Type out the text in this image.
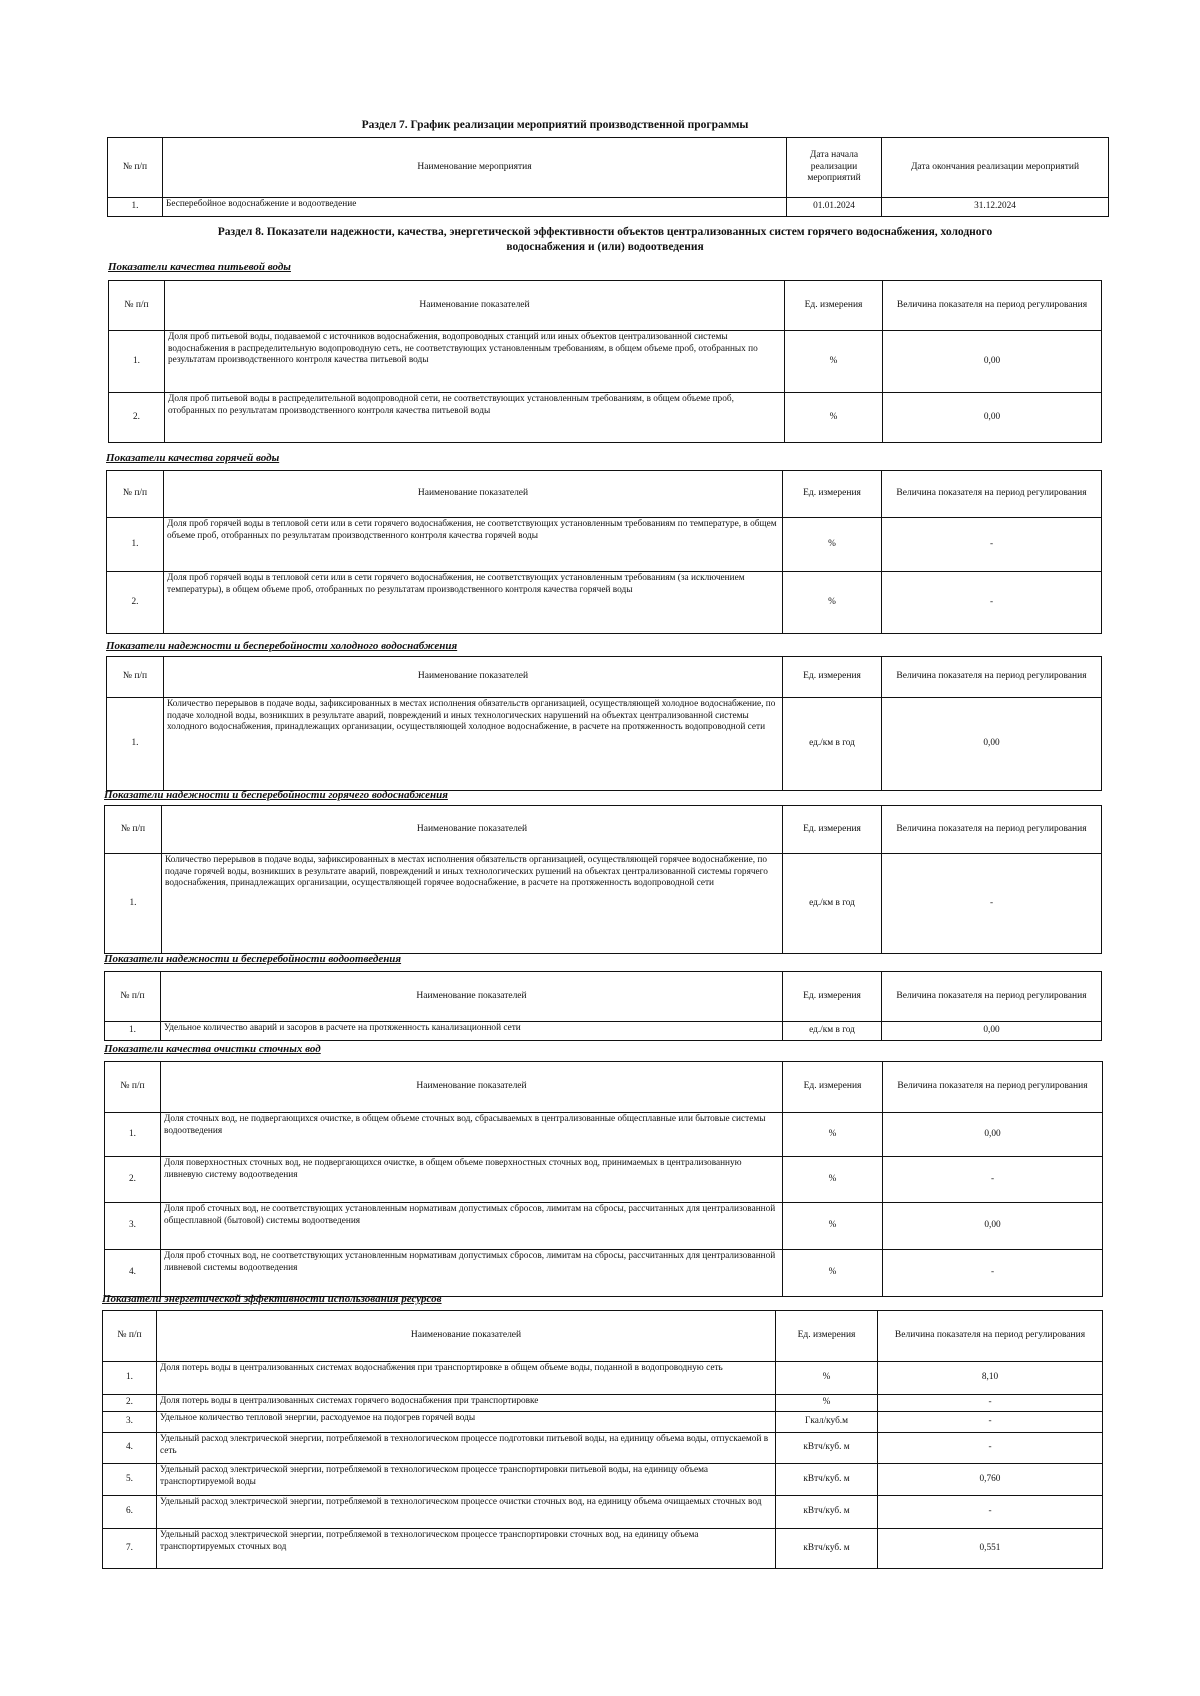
Раздел 7. График реализации мероприятий производственной программы
№ п/п	Наименование мероприятия	Дата начала реализации мероприятий	Дата окончания реализации мероприятий
1.	Бесперебойное водоснабжение и водоотведение	01.01.2024	31.12.2024
Раздел 8. Показатели надежности, качества, энергетической эффективности объектов централизованных систем горячего водоснабжения, холодного водоснабжения и (или) водоотведения
Показатели качества питьевой воды
№ п/п	Наименование показателей	Ед. измерения	Величина показателя на период регулирования
1.	Доля проб питьевой воды, подаваемой с источников водоснабжения, водопроводных станций или иных объектов централизованной системы водоснабжения в распределительную водопроводную сеть, не соответствующих установленным требованиям, в общем объеме проб, отобранных по результатам производственного контроля качества питьевой воды	%	0,00
2.	Доля проб питьевой воды в распределительной водопроводной сети, не соответствующих установленным требованиям, в общем объеме проб, отобранных по результатам производственного контроля качества питьевой воды	%	0,00
Показатели качества горячей воды
№ п/п	Наименование показателей	Ед. измерения	Величина показателя на период регулирования
1.	Доля проб горячей воды в тепловой сети или в сети горячего водоснабжения, не соответствующих установленным требованиям по температуре, в общем объеме проб, отобранных по результатам производственного контроля качества горячей воды	%	-
2.	Доля проб горячей воды в тепловой сети или в сети горячего водоснабжения, не соответствующих установленным требованиям (за исключением температуры), в общем объеме проб, отобранных по результатам производственного контроля качества горячей воды	%	-
Показатели надежности и бесперебойности холодного водоснабжения
№ п/п	Наименование показателей	Ед. измерения	Величина показателя на период регулирования
1.	Количество перерывов в подаче воды, зафиксированных в местах исполнения обязательств организацией, осуществляющей холодное водоснабжение, по подаче холодной воды, возникших в результате аварий, повреждений и иных технологических нарушений на объектах централизованной системы холодного водоснабжения, принадлежащих организации, осуществляющей холодное водоснабжение, в расчете на протяженность водопроводной сети	ед./км в год	0,00
Показатели надежности и бесперебойности горячего водоснабжения
№ п/п	Наименование показателей	Ед. измерения	Величина показателя на период регулирования
1.	Количество перерывов в подаче воды, зафиксированных в местах исполнения обязательств организацией, осуществляющей горячее водоснабжение, по подаче горячей воды, возникших в результате аварий, повреждений и иных технологических рушений на объектах централизованной системы горячего водоснабжения, принадлежащих организации, осуществляющей горячее водоснабжение, в расчете на протяженность водопроводной сети	ед./км в год	-
Показатели надежности и бесперебойности водоотведения
№ п/п	Наименование показателей	Ед. измерения	Величина показателя на период регулирования
1.	Удельное количество аварий и засоров в расчете на протяженность канализационной сети	ед./км в год	0,00
Показатели качества очистки сточных вод
№ п/п	Наименование показателей	Ед. измерения	Величина показателя на период регулирования
1.	Доля сточных вод, не подвергающихся очистке, в общем объеме сточных вод, сбрасываемых в централизованные общесплавные или бытовые системы водоотведения	%	0,00
2.	Доля поверхностных сточных вод, не подвергающихся очистке, в общем объеме поверхностных сточных вод, принимаемых в централизованную ливневую систему водоотведения	%	-
3.	Доля проб сточных вод, не соответствующих установленным нормативам допустимых сбросов, лимитам на сбросы, рассчитанных для централизованной общесплавной (бытовой) системы водоотведения	%	0,00
4.	Доля проб сточных вод, не соответствующих установленным нормативам допустимых сбросов, лимитам на сбросы, рассчитанных для централизованной ливневой системы водоотведения	%	-
Показатели энергетической эффективности использования ресурсов
№ п/п	Наименование показателей	Ед. измерения	Величина показателя на период регулирования
1.	Доля потерь воды в централизованных системах водоснабжения при транспортировке в общем объеме воды, поданной в водопроводную сеть	%	8,10
2.	Доля потерь воды в централизованных системах горячего водоснабжения при транспортировке	%	-
3.	Удельное количество тепловой энергии, расходуемое на подогрев горячей воды	Гкал/куб.м	-
4.	Удельный расход электрической энергии, потребляемой в технологическом процессе подготовки питьевой воды, на единицу объема воды, отпускаемой в сеть	кВтч/куб. м	-
5.	Удельный расход электрической энергии, потребляемой в технологическом процессе транспортировки питьевой воды, на единицу объема транспортируемой воды	кВтч/куб. м	0,760
6.	Удельный расход электрической энергии, потребляемой в технологическом процессе очистки сточных вод, на единицу объема очищаемых сточных вод	кВтч/куб. м	-
7.	Удельный расход электрической энергии, потребляемой в технологическом процессе транспортировки сточных вод, на единицу объема транспортируемых сточных вод	кВтч/куб. м	0,551
